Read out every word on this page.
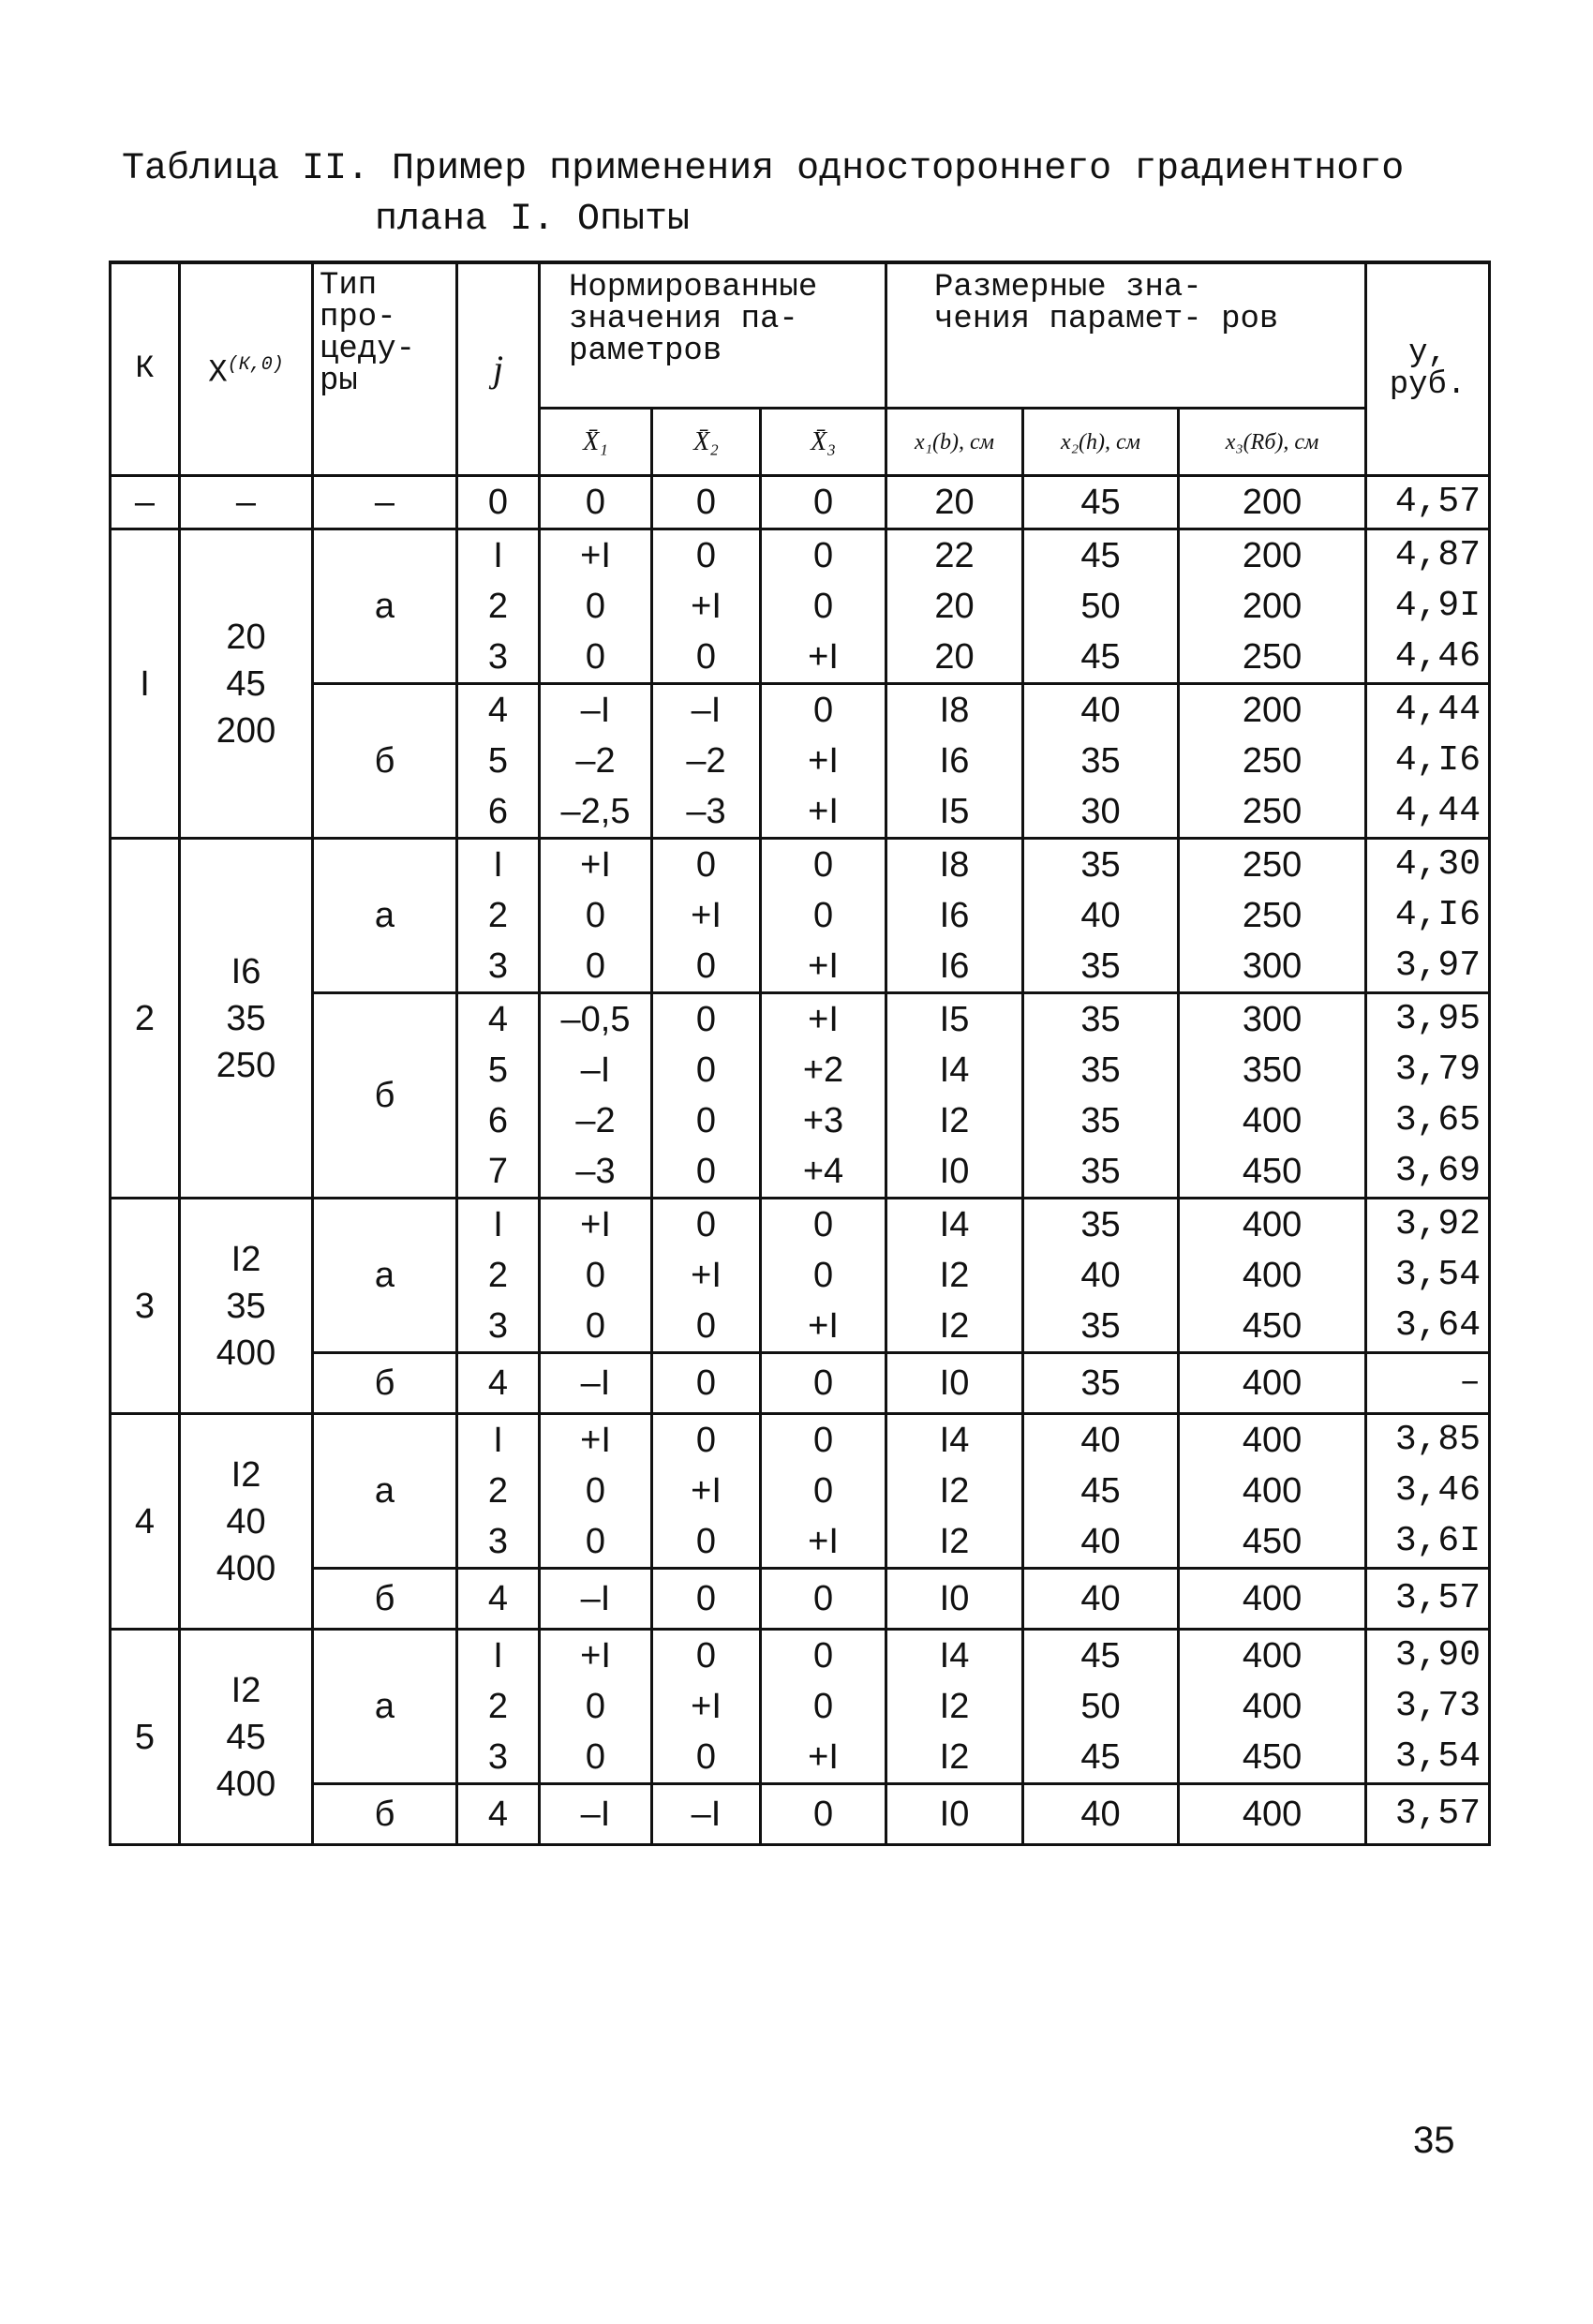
Таблица II. Пример применения одностороннего градиентного
плана I. Опыты
К	$Х^{(К,0)}$	Тип про- цеду- ры	j	Нормированные значения па- раметров			Размерные зна- чения парамет- ров			y, руб.
				X̄₁	X̄₂	X̄₃	x₁(b), см	x₂(h), см	x₃(Rб), см	
–	–	–	0	0	0	0	20	45	200	4,57
I	20
45
200	а	I	+I	0	0	22	45	200	4,87
			2	0	+I	0	20	50	200	4,9I
			3	0	0	+I	20	45	250	4,46
		б	4	–I	–I	0	I8	40	200	4,44
			5	–2	–2	+I	I6	35	250	4,I6
			6	–2,5	–3	+I	I5	30	250	4,44
2	I6
35
250	а	I	+I	0	0	I8	35	250	4,30
			2	0	+I	0	I6	40	250	4,I6
			3	0	0	+I	I6	35	300	3,97
		б	4	–0,5	0	+I	I5	35	300	3,95
			5	–I	0	+2	I4	35	350	3,79
			6	–2	0	+3	I2	35	400	3,65
			7	–3	0	+4	I0	35	450	3,69
3	I2
35
400	а	I	+I	0	0	I4	35	400	3,92
			2	0	+I	0	I2	40	400	3,54
			3	0	0	+I	I2	35	450	3,64
		б	4	–I	0	0	I0	35	400	–
4	I2
40
400	а	I	+I	0	0	I4	40	400	3,85
			2	0	+I	0	I2	45	400	3,46
			3	0	0	+I	I2	40	450	3,6I
		б	4	–I	0	0	I0	40	400	3,57
5	I2
45
400	а	I	+I	0	0	I4	45	400	3,90
			2	0	+I	0	I2	50	400	3,73
			3	0	0	+I	I2	45	450	3,54
		б	4	–I	–I	0	I0	40	400	3,57
35
